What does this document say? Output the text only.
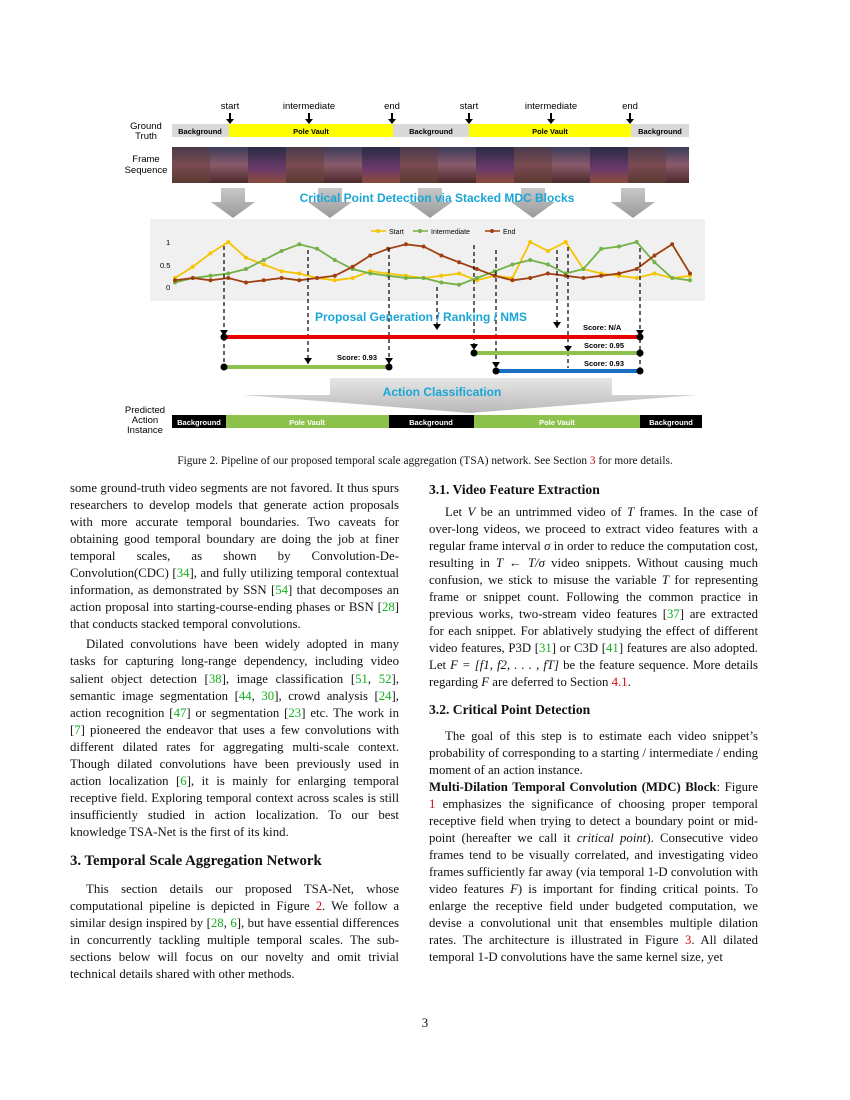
start	intermediate	end	start	intermediate	end
Ground
Truth	Background	Pole Vault	Background	Pole Vault	Background
Frame
Sequence
Critical Point Detection via Stacked MDC Blocks
Start	Intermediate	End
1
0.5
0
Proposal Generation / Ranking / NMS
Score: N/A
Score: 0.95
Score: 0.93
Score: 0.93
Action Classification
Predicted
Action
Instance
Background	Pole Vault	Background	Pole Vault	Background
Figure 2. Pipeline of our proposed temporal scale aggregation (TSA) network. See Section 3 for more details.

some ground-truth video segments are not favored. It thus spurs researchers to develop models that generate action proposals with more accurate temporal boundaries. Two caveats for obtaining good temporal boundary are doing the job at finer temporal scales, as shown by Convolution-De-Convolution(CDC) [34], and fully utilizing temporal contextual information, as demonstrated by SSN [54] that decomposes an action proposal into starting-course-ending phases or BSN [28] that conducts stacked temporal convolutions.

Dilated convolutions have been widely adopted in many tasks for capturing long-range dependency, including video salient object detection [38], image classification [51, 52], semantic image segmentation [44, 30], crowd analysis [24], action recognition [47] or segmentation [23] etc. The work in [7] pioneered the endeavor that uses a few convolutions with different dilated rates for aggregating multi-scale context. Though dilated convolutions have been previously used in action localization [6], it is mainly for enlarging temporal receptive field. Exploring temporal context across scales is still insufficiently studied in action localization. To our best knowledge TSA-Net is the first of its kind.

3. Temporal Scale Aggregation Network

This section details our proposed TSA-Net, whose computational pipeline is depicted in Figure 2. We follow a similar design inspired by [28, 6], but have essential differences in concurrently tackling multiple temporal scales. The sub-sections below will focus on our novelty and omit trivial technical details shared with other methods.

3.1. Video Feature Extraction

Let V be an untrimmed video of T frames. In the case of over-long videos, we proceed to extract video features with a regular frame interval σ in order to reduce the computation cost, resulting in T ← T/σ video snippets. Without causing much confusion, we stick to misuse the variable T for representing frame or snippet count. Following the common practice in previous works, two-stream video features [37] are extracted for each snippet. For ablatively studying the effect of different video features, P3D [31] or C3D [41] features are also adopted. Let F = [f1, f2, . . . , fT] be the feature sequence. More details regarding F are deferred to Section 4.1.

3.2. Critical Point Detection

The goal of this step is to estimate each video snippet’s probability of corresponding to a starting / intermediate / ending moment of an action instance.

Multi-Dilation Temporal Convolution (MDC) Block: Figure 1 emphasizes the significance of choosing proper temporal receptive field when trying to detect a boundary point or mid-point (hereafter we call it critical point). Consecutive video frames tend to be visually correlated, and investigating video frames sufficiently far away (via temporal 1-D convolution with video features F) is important for finding critical points. To enlarge the receptive field under budgeted computation, we devise a convolutional unit that ensembles multiple dilation rates. The architecture is illustrated in Figure 3. All dilated temporal 1-D convolutions have the same kernel size, yet

3
